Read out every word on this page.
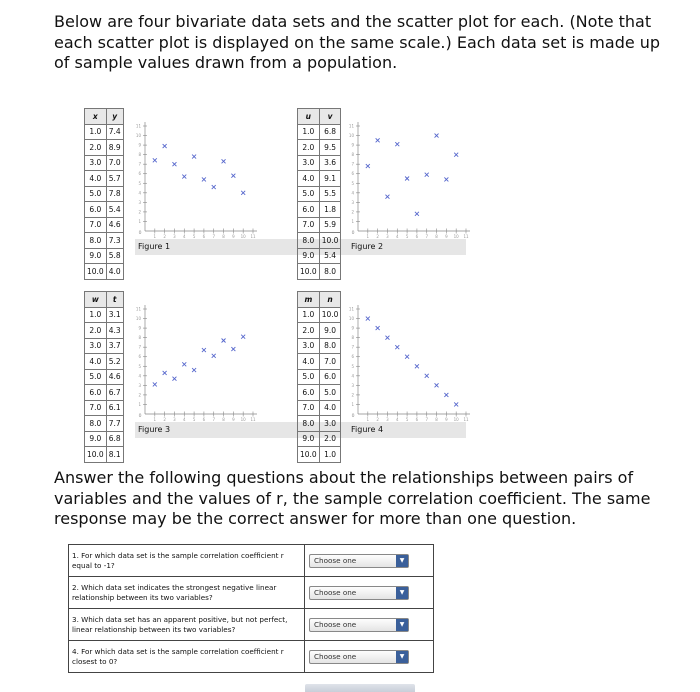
Below are four bivariate data sets and the scatter plot for each. (Note that each scatter plot is displayed on the same scale.) Each data set is made up of sample values drawn from a population.

x	y
1.0	7.4
2.0	8.9
3.0	7.0
4.0	5.7
5.0	7.8
6.0	5.4
7.0	4.6
8.0	7.3
9.0	5.8
10.0	4.0
0
1 2 3 4 5 6 7 8 9 10 11
1
2
3
4
5
6
7
8
9
10
11
Figure 1
u	v
1.0	6.8
2.0	9.5
3.0	3.6
4.0	9.1
5.0	5.5
6.0	1.8
7.0	5.9
8.0	10.0
9.0	5.4
10.0	8.0
0
1 2 3 4 5 6 7 8 9 10 11
1
2
3
4
5
6
7
8
9
10
11
Figure 2
w	t
1.0	3.1
2.0	4.3
3.0	3.7
4.0	5.2
5.0	4.6
6.0	6.7
7.0	6.1
8.0	7.7
9.0	6.8
10.0	8.1
0
1 2 3 4 5 6 7 8 9 10 11
1
2
3
4
5
6
7
8
9
10
11
Figure 3
m	n
1.0	10.0
2.0	9.0
3.0	8.0
4.0	7.0
5.0	6.0
6.0	5.0
7.0	4.0
8.0	3.0
9.0	2.0
10.0	1.0
0
1 2 3 4 5 6 7 8 9 10 11
1
2
3
4
5
6
7
8
9
10
11
Figure 4

Answer the following questions about the relationships between pairs of variables and the values of r, the sample correlation coefficient. The same response may be the correct answer for more than one question.

1. For which data set is the sample correlation coefficient r equal to -1?	Choose one ▼

2. Which data set indicates the strongest negative linear relationship between its two variables?	Choose one ▼

3. Which data set has an apparent positive, but not perfect, linear relationship between its two variables?	Choose one ▼

4. For which data set is the sample correlation coefficient r closest to 0?	Choose one ▼
